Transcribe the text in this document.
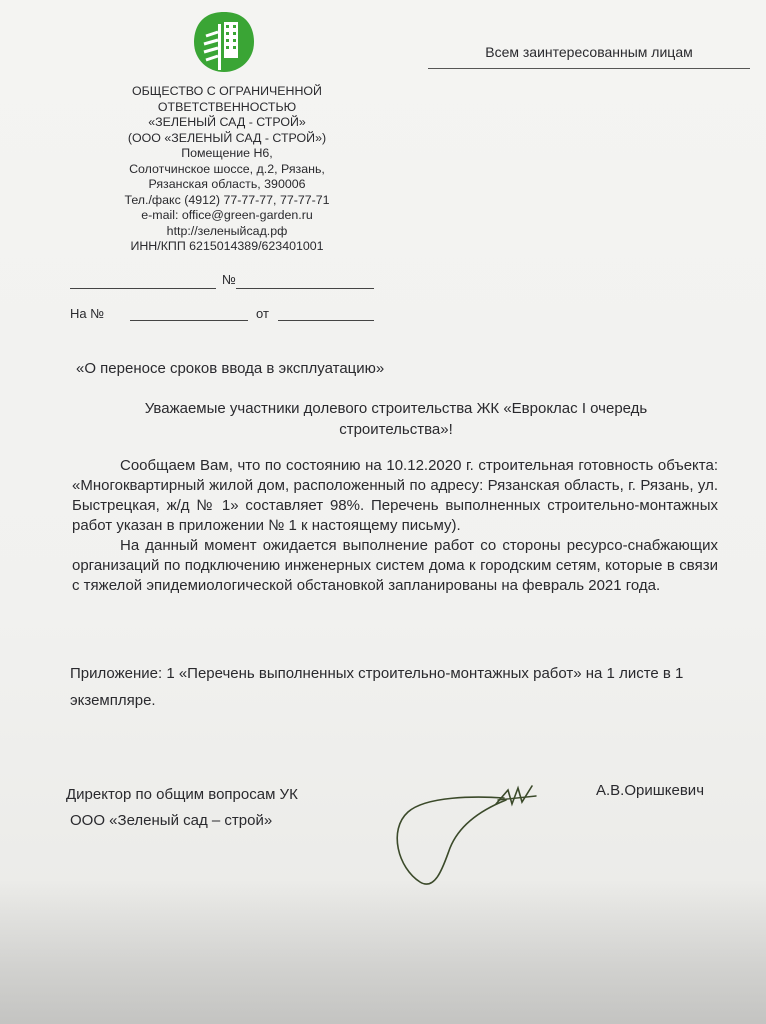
Всем заинтересованным лицам
ОБЩЕСТВО С ОГРАНИЧЕННОЙ
ОТВЕТСТВЕННОСТЬЮ
«ЗЕЛЕНЫЙ САД - СТРОЙ»
(ООО «ЗЕЛЕНЫЙ САД - СТРОЙ»)
Помещение Н6,
Солотчинское шоссе, д.2, Рязань,
Рязанская область, 390006
Тел./факс (4912) 77-77-77, 77-77-71
e-mail: office@green-garden.ru
http://зеленыйсад.рф
ИНН/КПП 6215014389/623401001
№
На №	от
«О переносе сроков ввода в эксплуатацию»
Уважаемые участники долевого строительства ЖК «Евроклас I очередь строительства»!

Сообщаем Вам, что по состоянию на 10.12.2020 г. строительная готовность объекта: «Многоквартирный жилой дом, расположенный по адресу: Рязанская область, г. Рязань, ул. Быстрецкая, ж/д № 1» составляет 98%. Перечень выполненных строительно-монтажных работ указан в приложении № 1 к настоящему письму).

На данный момент ожидается выполнение работ со стороны ресурсо-снабжающих организаций по подключению инженерных систем дома к городским сетям, которые в связи с тяжелой эпидемиологической обстановкой запланированы на февраль 2021 года.

Приложение: 1 «Перечень выполненных строительно-монтажных работ» на 1 листе в 1 экземпляре.
Директор по общим вопросам УК
ООО «Зеленый сад – строй»
А.В.Оришкевич
